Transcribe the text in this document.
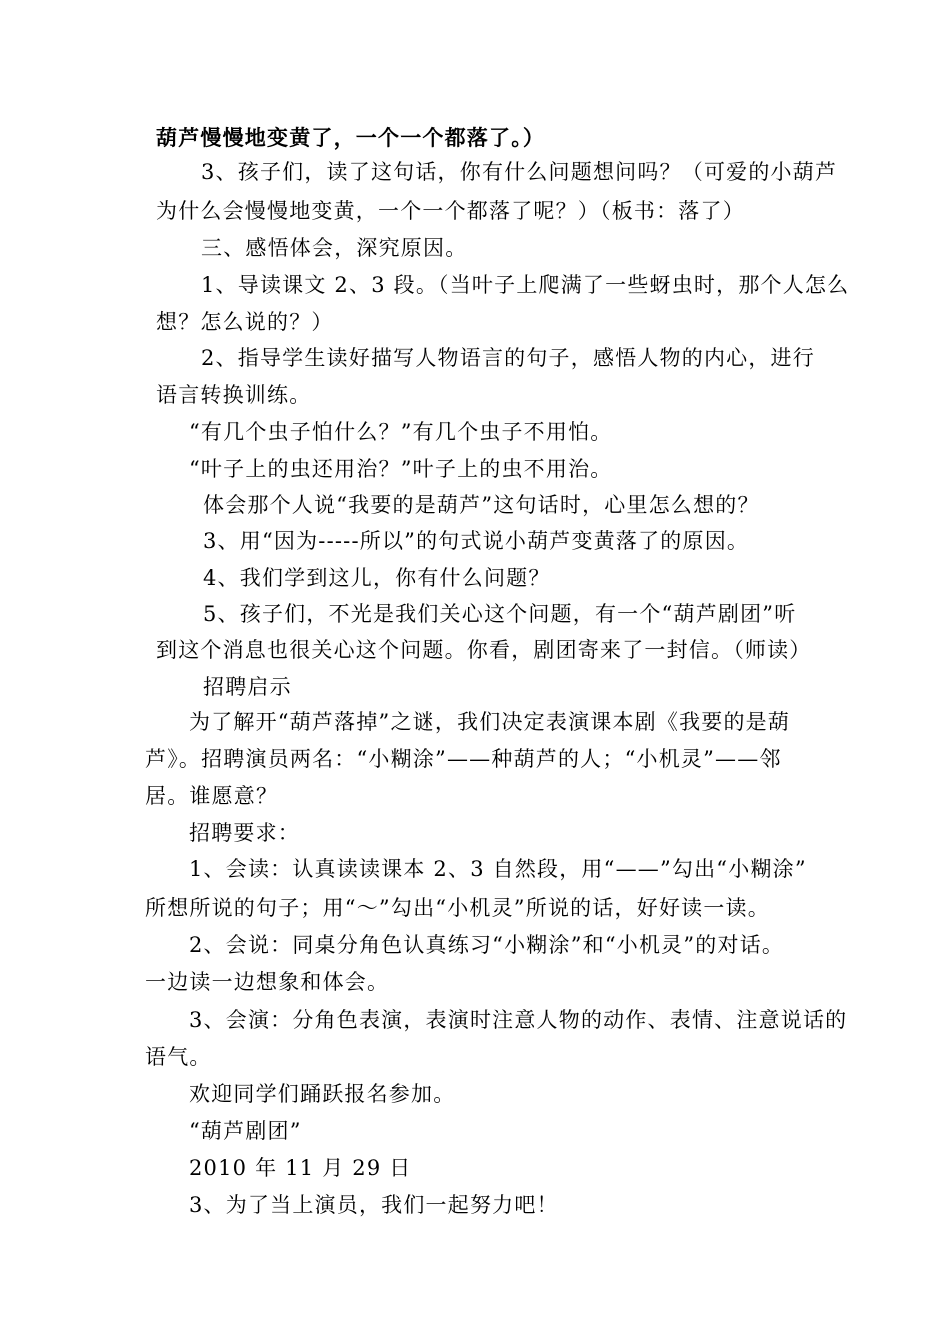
葫芦慢慢地变黄了，一个一个都落了。）
3、孩子们，读了这句话，你有什么问题想问吗？（可爱的小葫芦
为什么会慢慢地变黄，一个一个都落了呢？）（板书：落了）
三、感悟体会，深究原因。
1、导读课文 2、3 段。（当叶子上爬满了一些蚜虫时，那个人怎么
想？怎么说的？）
2、指导学生读好描写人物语言的句子，感悟人物的内心，进行
语言转换训练。
“有几个虫子怕什么？”有几个虫子不用怕。
“叶子上的虫还用治？”叶子上的虫不用治。
体会那个人说“我要的是葫芦”这句话时，心里怎么想的？
3、用“因为-----所以”的句式说小葫芦变黄落了的原因。
4、我们学到这儿，你有什么问题？
5、孩子们，不光是我们关心这个问题，有一个“葫芦剧团”听
到这个消息也很关心这个问题。你看，剧团寄来了一封信。（师读）
招聘启示
为了解开“葫芦落掉”之谜，我们决定表演课本剧《我要的是葫
芦》。招聘演员两名：“小糊涂”——种葫芦的人；“小机灵”——邻
居。谁愿意？
招聘要求：
1、会读：认真读读课本 2、3 自然段，用“——”勾出“小糊涂”
所想所说的句子；用“～”勾出“小机灵”所说的话，好好读一读。
2、会说：同桌分角色认真练习“小糊涂”和“小机灵”的对话。
一边读一边想象和体会。
3、会演：分角色表演，表演时注意人物的动作、表情、注意说话的
语气。
欢迎同学们踊跃报名参加。
“葫芦剧团”
2010 年 11 月 29 日
3、为了当上演员，我们一起努力吧！
